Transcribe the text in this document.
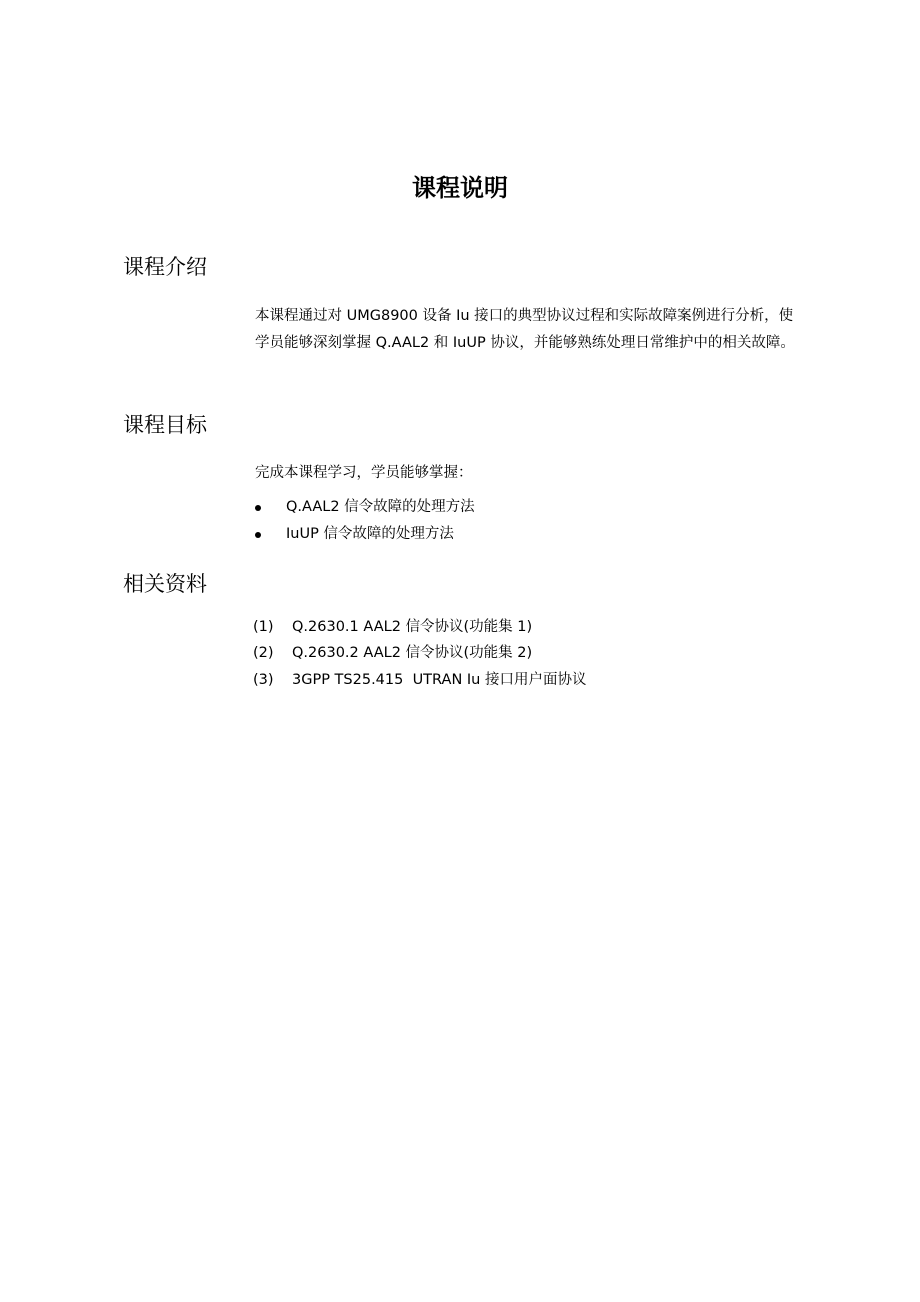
课程说明
课程介绍
本课程通过对 UMG8900 设备 Iu 接口的典型协议过程和实际故障案例进行分析，使学员能够深刻掌握 Q.AAL2 和 IuUP 协议，并能够熟练处理日常维护中的相关故障。
课程目标
完成本课程学习，学员能够掌握：
Q.AAL2 信令故障的处理方法
IuUP 信令故障的处理方法
相关资料
(1) Q.2630.1 AAL2 信令协议(功能集 1)
(2) Q.2630.2 AAL2 信令协议(功能集 2)
(3) 3GPP TS25.415  UTRAN Iu 接口用户面协议
